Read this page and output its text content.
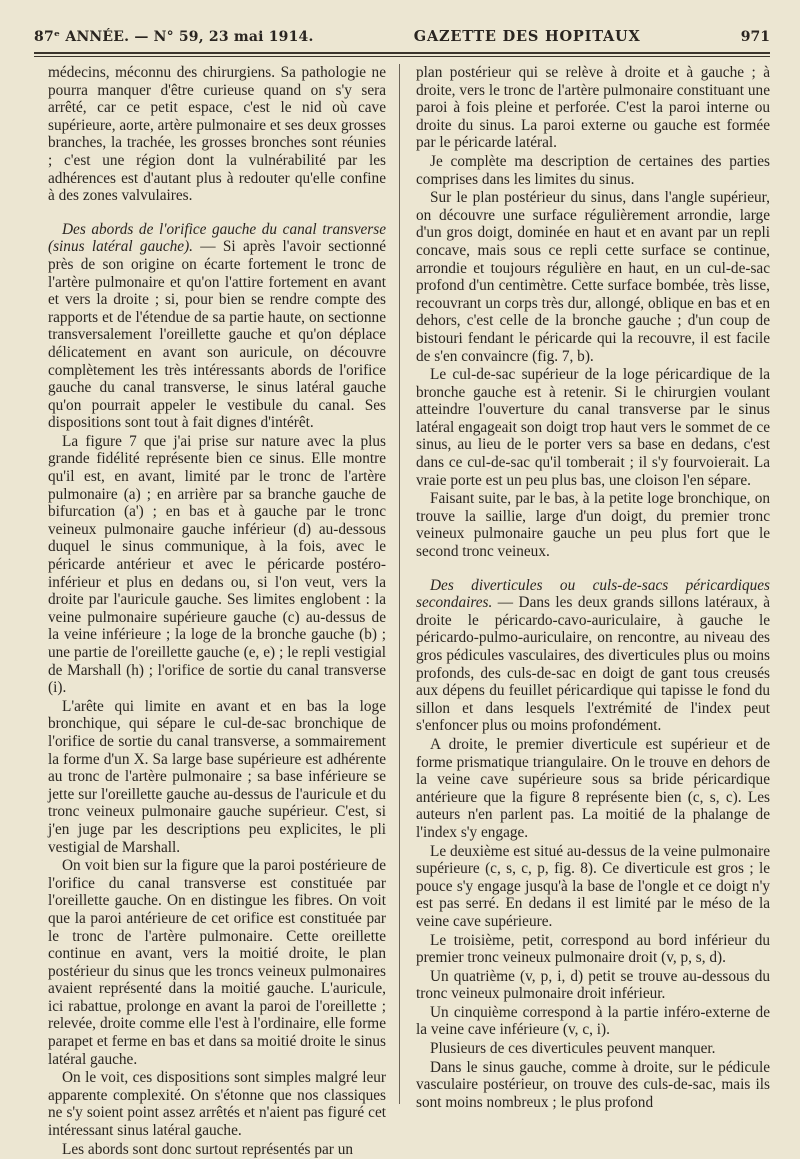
87ᵉ ANNÉE. — N° 59, 23 mai 1914.	GAZETTE DES HOPITAUX	971

médecins, méconnu des chirurgiens. Sa pathologie ne pourra manquer d'être curieuse quand on s'y sera arrêté, car ce petit espace, c'est le nid où cave supérieure, aorte, artère pulmonaire et ses deux grosses branches, la trachée, les grosses bronches sont réunies ; c'est une région dont la vulnérabilité par les adhérences est d'autant plus à redouter qu'elle confine à des zones valvulaires.

Des abords de l'orifice gauche du canal transverse (sinus latéral gauche). — Si après l'avoir sectionné près de son origine on écarte fortement le tronc de l'artère pulmonaire et qu'on l'attire fortement en avant et vers la droite ; si, pour bien se rendre compte des rapports et de l'étendue de sa partie haute, on sectionne transversalement l'oreillette gauche et qu'on déplace délicatement en avant son auricule, on découvre complètement les très intéressants abords de l'orifice gauche du canal transverse, le sinus latéral gauche qu'on pourrait appeler le vestibule du canal. Ses dispositions sont tout à fait dignes d'intérêt.

La figure 7 que j'ai prise sur nature avec la plus grande fidélité représente bien ce sinus. Elle montre qu'il est, en avant, limité par le tronc de l'artère pulmonaire (a) ; en arrière par sa branche gauche de bifurcation (a') ; en bas et à gauche par le tronc veineux pulmonaire gauche inférieur (d) au-dessous duquel le sinus communique, à la fois, avec le péricarde antérieur et avec le péricarde postéro-inférieur et plus en dedans ou, si l'on veut, vers la droite par l'auricule gauche. Ses limites englobent : la veine pulmonaire supérieure gauche (c) au-dessus de la veine inférieure ; la loge de la bronche gauche (b) ; une partie de l'oreillette gauche (e, e) ; le repli vestigial de Marshall (h) ; l'orifice de sortie du canal transverse (i).

L'arête qui limite en avant et en bas la loge bronchique, qui sépare le cul-de-sac bronchique de l'orifice de sortie du canal transverse, a sommairement la forme d'un X. Sa large base supérieure est adhérente au tronc de l'artère pulmonaire ; sa base inférieure se jette sur l'oreillette gauche au-dessus de l'auricule et du tronc veineux pulmonaire gauche supérieur. C'est, si j'en juge par les descriptions peu explicites, le pli vestigial de Marshall.

On voit bien sur la figure que la paroi postérieure de l'orifice du canal transverse est constituée par l'oreillette gauche. On en distingue les fibres. On voit que la paroi antérieure de cet orifice est constituée par le tronc de l'artère pulmonaire. Cette oreillette continue en avant, vers la moitié droite, le plan postérieur du sinus que les troncs veineux pulmonaires avaient représenté dans la moitié gauche. L'auricule, ici rabattue, prolonge en avant la paroi de l'oreillette ; relevée, droite comme elle l'est à l'ordinaire, elle forme parapet et ferme en bas et dans sa moitié droite le sinus latéral gauche.

On le voit, ces dispositions sont simples malgré leur apparente complexité. On s'étonne que nos classiques ne s'y soient point assez arrêtés et n'aient pas figuré cet intéressant sinus latéral gauche.

Les abords sont donc surtout représentés par un

plan postérieur qui se relève à droite et à gauche ; à droite, vers le tronc de l'artère pulmonaire constituant une paroi à fois pleine et perforée. C'est la paroi interne ou droite du sinus. La paroi externe ou gauche est formée par le péricarde latéral.

Je complète ma description de certaines des parties comprises dans les limites du sinus.

Sur le plan postérieur du sinus, dans l'angle supérieur, on découvre une surface régulièrement arrondie, large d'un gros doigt, dominée en haut et en avant par un repli concave, mais sous ce repli cette surface se continue, arrondie et toujours régulière en haut, en un cul-de-sac profond d'un centimètre. Cette surface bombée, très lisse, recouvrant un corps très dur, allongé, oblique en bas et en dehors, c'est celle de la bronche gauche ; d'un coup de bistouri fendant le péricarde qui la recouvre, il est facile de s'en convaincre (fig. 7, b).

Le cul-de-sac supérieur de la loge péricardique de la bronche gauche est à retenir. Si le chirurgien voulant atteindre l'ouverture du canal transverse par le sinus latéral engageait son doigt trop haut vers le sommet de ce sinus, au lieu de le porter vers sa base en dedans, c'est dans ce cul-de-sac qu'il tomberait ; il s'y fourvoierait. La vraie porte est un peu plus bas, une cloison l'en sépare.

Faisant suite, par le bas, à la petite loge bronchique, on trouve la saillie, large d'un doigt, du premier tronc veineux pulmonaire gauche un peu plus fort que le second tronc veineux.

Des diverticules ou culs-de-sacs péricardiques secondaires. — Dans les deux grands sillons latéraux, à droite le péricardo-cavo-auriculaire, à gauche le péricardo-pulmo-auriculaire, on rencontre, au niveau des gros pédicules vasculaires, des diverticules plus ou moins profonds, des culs-de-sac en doigt de gant tous creusés aux dépens du feuillet péricardique qui tapisse le fond du sillon et dans lesquels l'extrémité de l'index peut s'enfoncer plus ou moins profondément.

A droite, le premier diverticule est supérieur et de forme prismatique triangulaire. On le trouve en dehors de la veine cave supérieure sous sa bride péricardique antérieure que la figure 8 représente bien (c, s, c). Les auteurs n'en parlent pas. La moitié de la phalange de l'index s'y engage.

Le deuxième est situé au-dessus de la veine pulmonaire supérieure (c, s, c, p, fig. 8). Ce diverticule est gros ; le pouce s'y engage jusqu'à la base de l'ongle et ce doigt n'y est pas serré. En dedans il est limité par le méso de la veine cave supérieure.

Le troisième, petit, correspond au bord inférieur du premier tronc veineux pulmonaire droit (v, p, s, d).

Un quatrième (v, p, i, d) petit se trouve au-dessous du tronc veineux pulmonaire droit inférieur.

Un cinquième correspond à la partie inféro-externe de la veine cave inférieure (v, c, i).

Plusieurs de ces diverticules peuvent manquer.

Dans le sinus gauche, comme à droite, sur le pédicule vasculaire postérieur, on trouve des culs-de-sac, mais ils sont moins nombreux ; le plus profond
